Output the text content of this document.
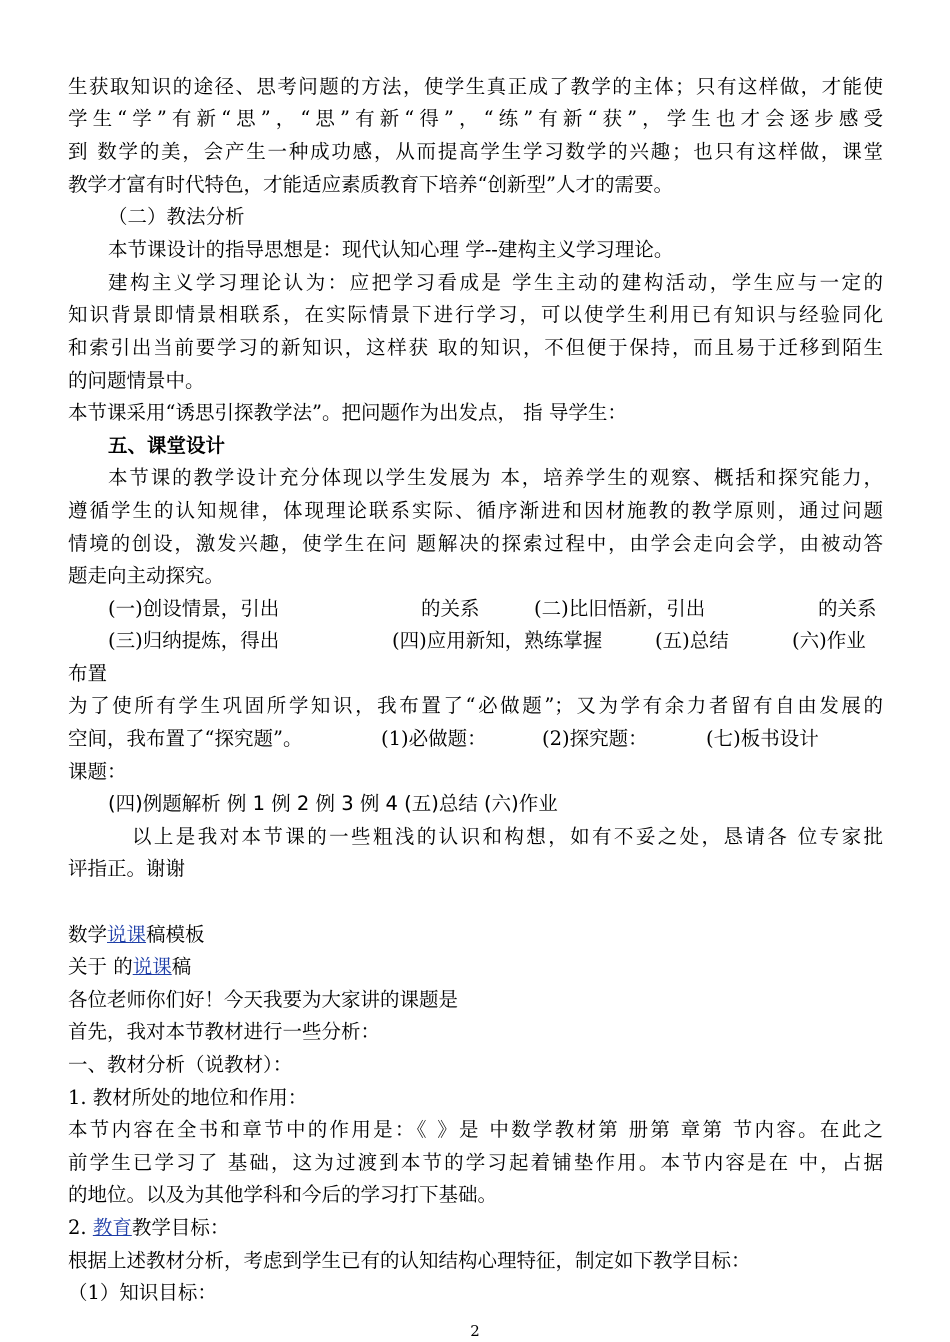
生获取知识的途径、思考问题的方法，使学生真正成了教学的主体；只有这样做，才能使
学生“学”有新“思”，“思”有新“得”，“练”有新“获”，学生也才会逐步感受
到 数学的美，会产生一种成功感，从而提高学生学习数学的兴趣；也只有这样做，课堂
教学才富有时代特色，才能适应素质教育下培养“创新型”人才的需要。
（二）教法分析
本节课设计的指导思想是：现代认知心理 学--建构主义学习理论。
建构主义学习理论认为：应把学习看成是 学生主动的建构活动，学生应与一定的
知识背景即情景相联系，在实际情景下进行学习，可以使学生利用已有知识与经验同化
和索引出当前要学习的新知识，这样获 取的知识，不但便于保持，而且易于迁移到陌生
的问题情景中。
本节课采用“诱思引探教学法”。把问题作为出发点， 指 导学生：
五、课堂设计
本节课的教学设计充分体现以学生发展为 本，培养学生的观察、概括和探究能力，
遵循学生的认知规律，体现理论联系实际、循序渐进和因材施教的教学原则，通过问题
情境的创设，激发兴趣，使学生在问 题解决的探索过程中，由学会走向会学，由被动答
题走向主动探究。
(一)创设情景，引出	的关系	(二)比旧悟新，引出	的关系
(三)归纳提炼，得出	(四)应用新知，熟练掌握	(五)总结	(六)作业
布置
为了使所有学生巩固所学知识，我布置了“必做题”；又为学有余力者留有自由发展的
空间，我布置了“探究题”。	(1)必做题：	(2)探究题：	(七)板书设计
课题：
(四)例题解析 例 1 例 2 例 3 例 4 (五)总结 (六)作业
以上是我对本节课的一些粗浅的认识和构想，如有不妥之处，恳请各 位专家批
评指正。谢谢
数学说课稿模板
关于 的说课稿
各位老师你们好！今天我要为大家讲的课题是
首先，我对本节教材进行一些分析：
一、教材分析（说教材）：
1. 教材所处的地位和作用：
本节内容在全书和章节中的作用是：《 》是 中数学教材第 册第 章第 节内容。在此之
前学生已学习了 基础，这为过渡到本节的学习起着铺垫作用。本节内容是在 中，占据
的地位。以及为其他学科和今后的学习打下基础。
2. 教育教学目标：
根据上述教材分析，考虑到学生已有的认知结构心理特征，制定如下教学目标：
（1）知识目标：
2
